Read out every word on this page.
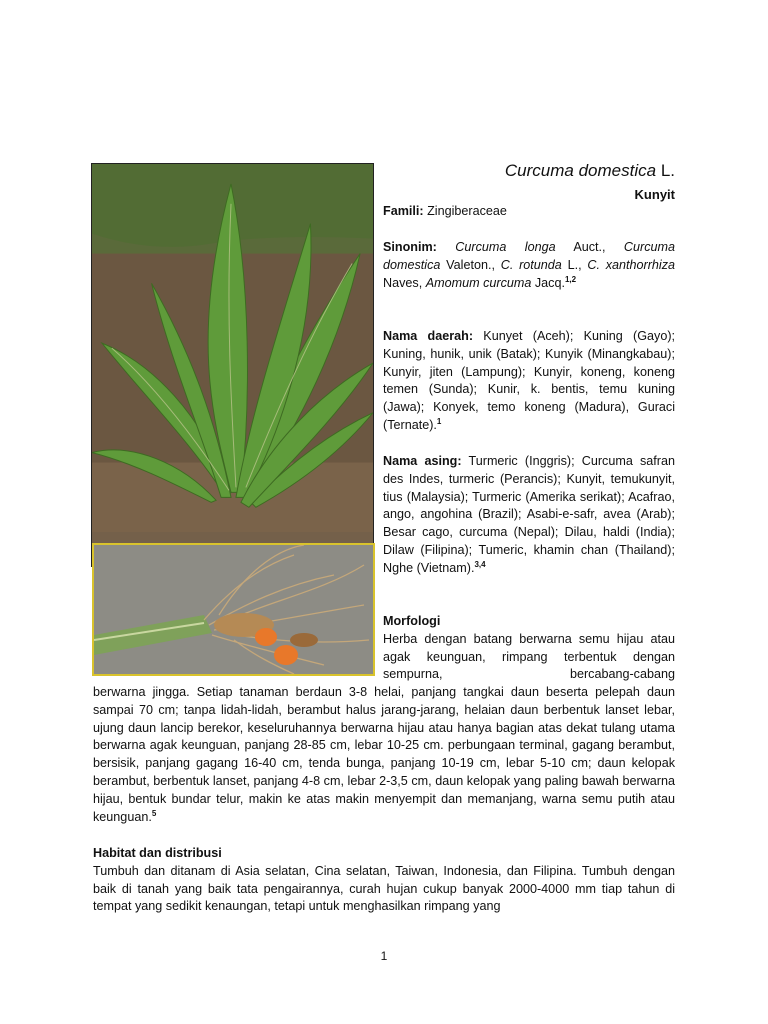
Curcuma domestica L.
Kunyit
Famili: Zingiberaceae
Sinonim: Curcuma longa Auct., Curcuma domestica Valeton., C. rotunda L., C. xanthorrhiza Naves, Amomum curcuma Jacq.$^{1,2}$
Nama daerah: Kunyet (Aceh); Kuning (Gayo); Kuning, hunik, unik (Batak); Kunyik (Minangkabau); Kunyir, jiten (Lampung); Kunyir, koneng, koneng temen (Sunda); Kunir, k. bentis, temu kuning (Jawa); Konyek, temo koneng (Madura), Guraci (Ternate).$^1$
Nama asing: Turmeric (Inggris); Curcuma safran des Indes, turmeric (Perancis); Kunyit, temukunyit, tius (Malaysia); Turmeric (Amerika serikat); Acafrao, ango, angohina (Brazil); Asabi-e-safr, avea (Arab); Besar cago, curcuma (Nepal); Dilau, haldi (India); Dilaw (Filipina); Tumeric, khamin chan (Thailand); Nghe (Vietnam).$^{3,4}$
Morfologi
Herba dengan batang berwarna semu hijau atau agak keunguan, rimpang terbentuk dengan sempurna, bercabang-cabang
berwarna jingga. Setiap tanaman berdaun 3-8 helai, panjang tangkai daun beserta pelepah daun sampai 70 cm; tanpa lidah-lidah, berambut halus jarang-jarang, helaian daun berbentuk lanset lebar, ujung daun lancip berekor, keseluruhannya berwarna hijau atau hanya bagian atas dekat tulang utama berwarna agak keunguan, panjang 28-85 cm, lebar 10-25 cm. perbungaan terminal, gagang berambut, bersisik, panjang gagang 16-40 cm, tenda bunga, panjang 10-19 cm, lebar 5-10 cm; daun kelopak berambut, berbentuk lanset, panjang 4-8 cm, lebar 2-3,5 cm, daun kelopak yang paling bawah berwarna hijau, bentuk bundar telur, makin ke atas makin menyempit dan memanjang, warna semu putih atau keunguan.$^5$
Habitat dan distribusi
Tumbuh dan ditanam di Asia selatan, Cina selatan, Taiwan, Indonesia, dan Filipina. Tumbuh dengan baik di tanah yang baik tata pengairannya, curah hujan cukup banyak 2000-4000 mm tiap tahun di tempat yang sedikit kenaungan, tetapi untuk menghasilkan rimpang yang
1
